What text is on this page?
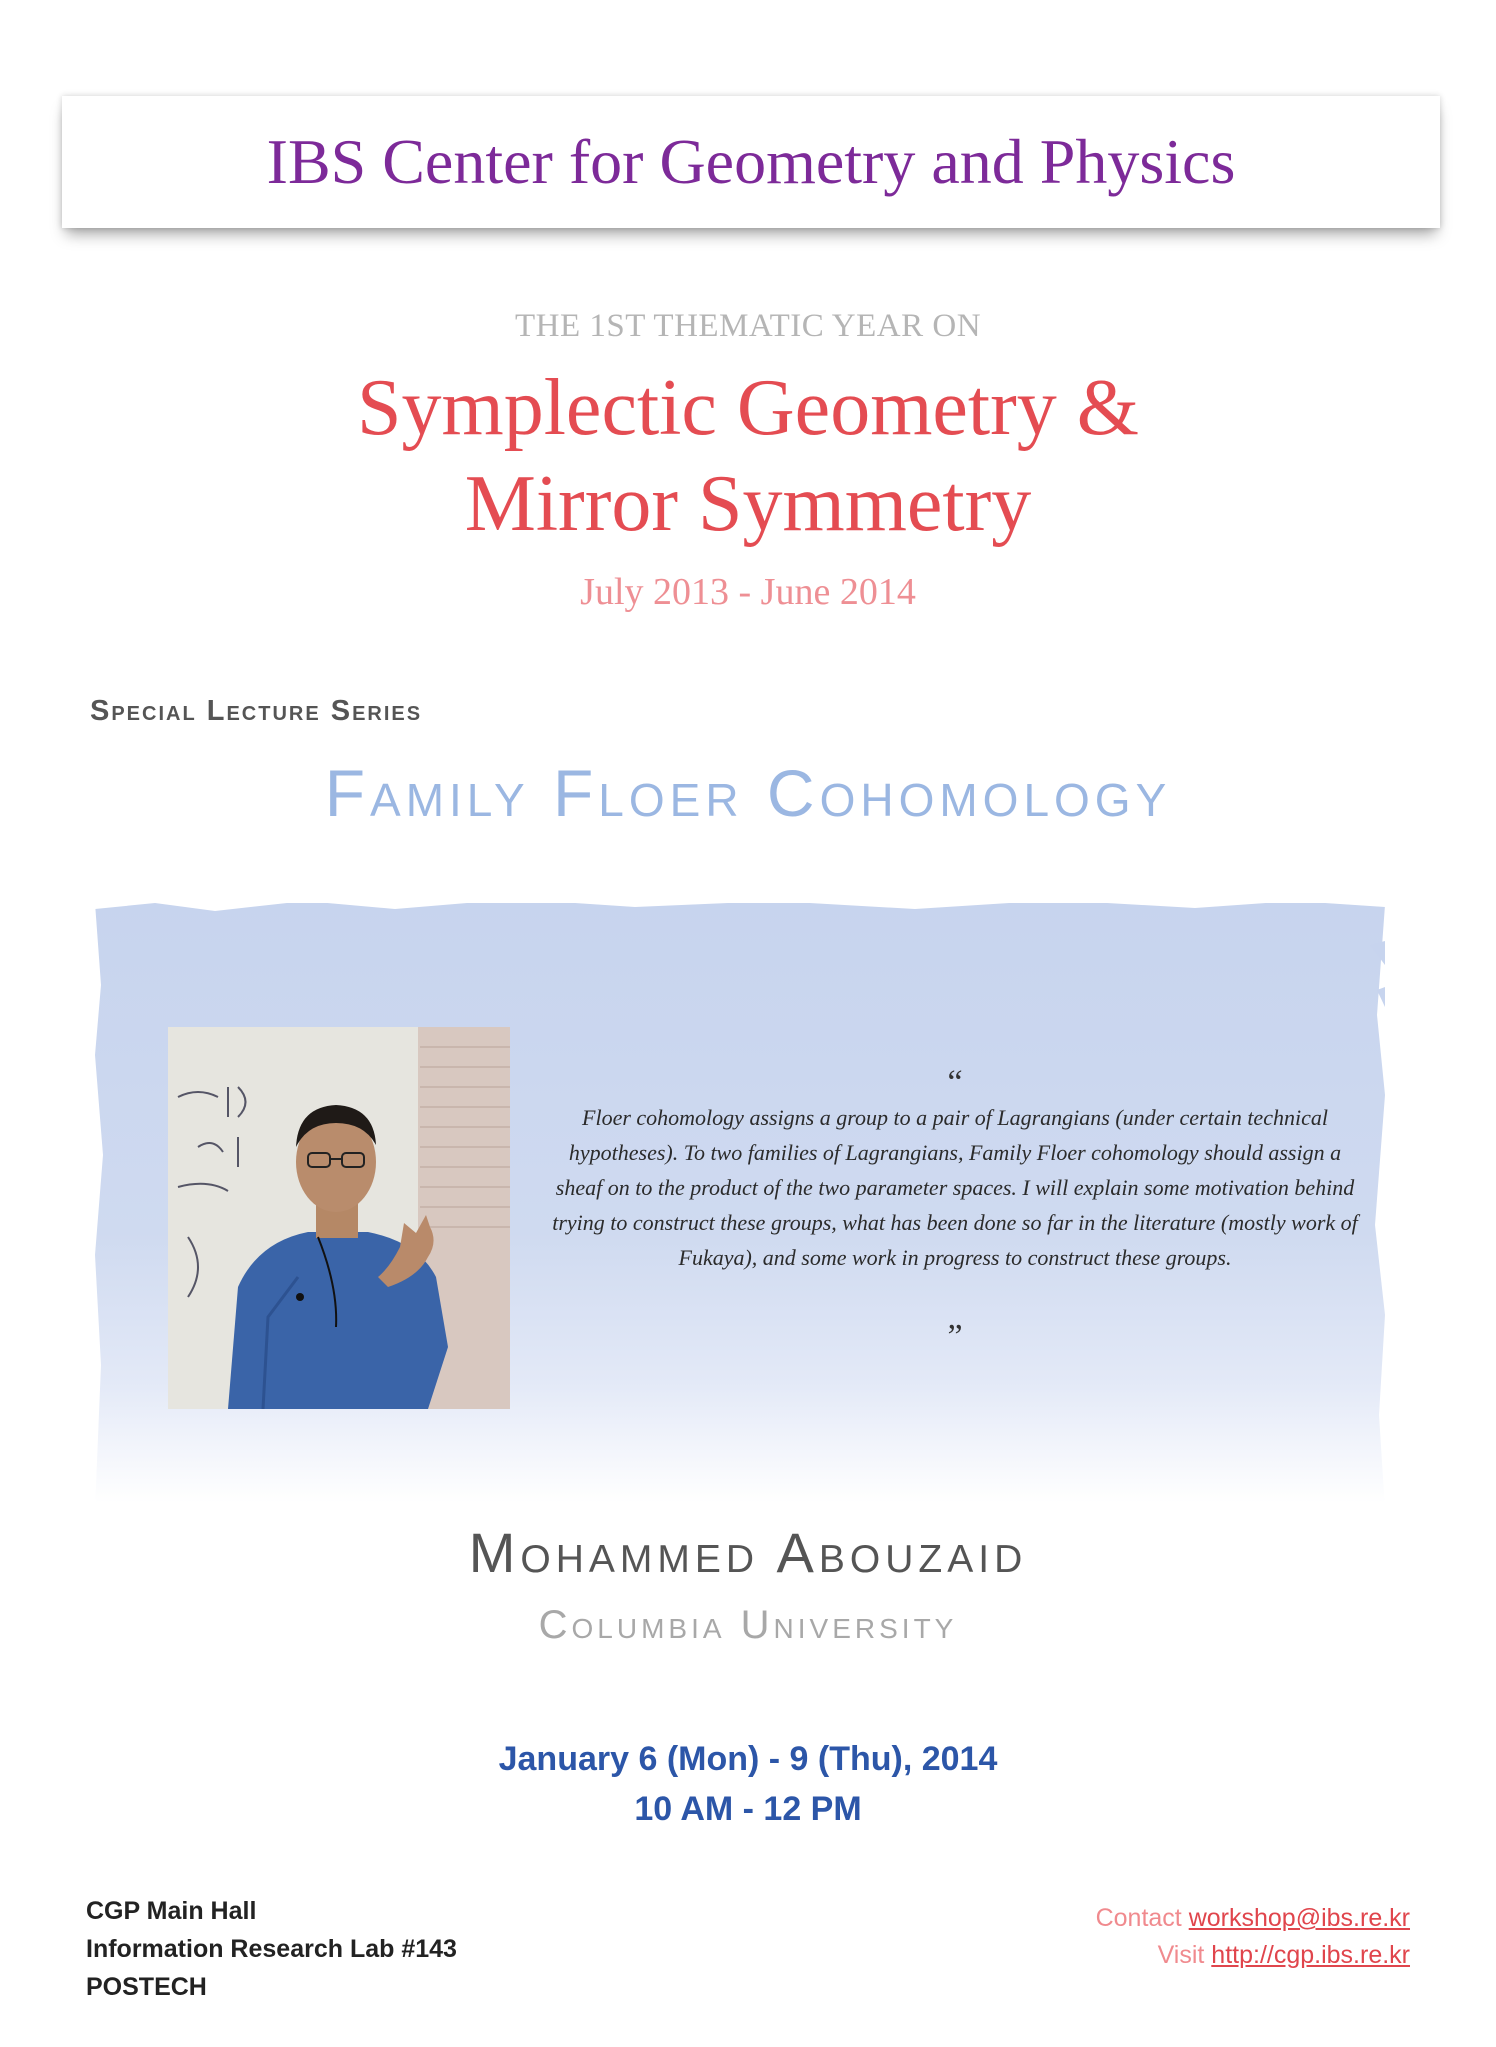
IBS Center for Geometry and Physics
THE 1ST THEMATIC YEAR ON
Symplectic Geometry &
Mirror Symmetry
July 2013 - June 2014
Special Lecture Series
Family Floer Cohomology
“
Floer cohomology assigns a group to a pair of Lagrangians (under certain technical hypotheses). To two families of Lagrangians, Family Floer cohomology should assign a sheaf on to the product of the two parameter spaces. I will explain some motivation behind trying to construct these groups, what has been done so far in the literature (mostly work of Fukaya), and some work in progress to construct these groups.
”
Mohammed Abouzaid
Columbia University
January 6 (Mon) - 9 (Thu), 2014
10 AM - 12 PM
CGP Main Hall
Information Research Lab #143
POSTECH
Contact workshop@ibs.re.kr
Visit http://cgp.ibs.re.kr
